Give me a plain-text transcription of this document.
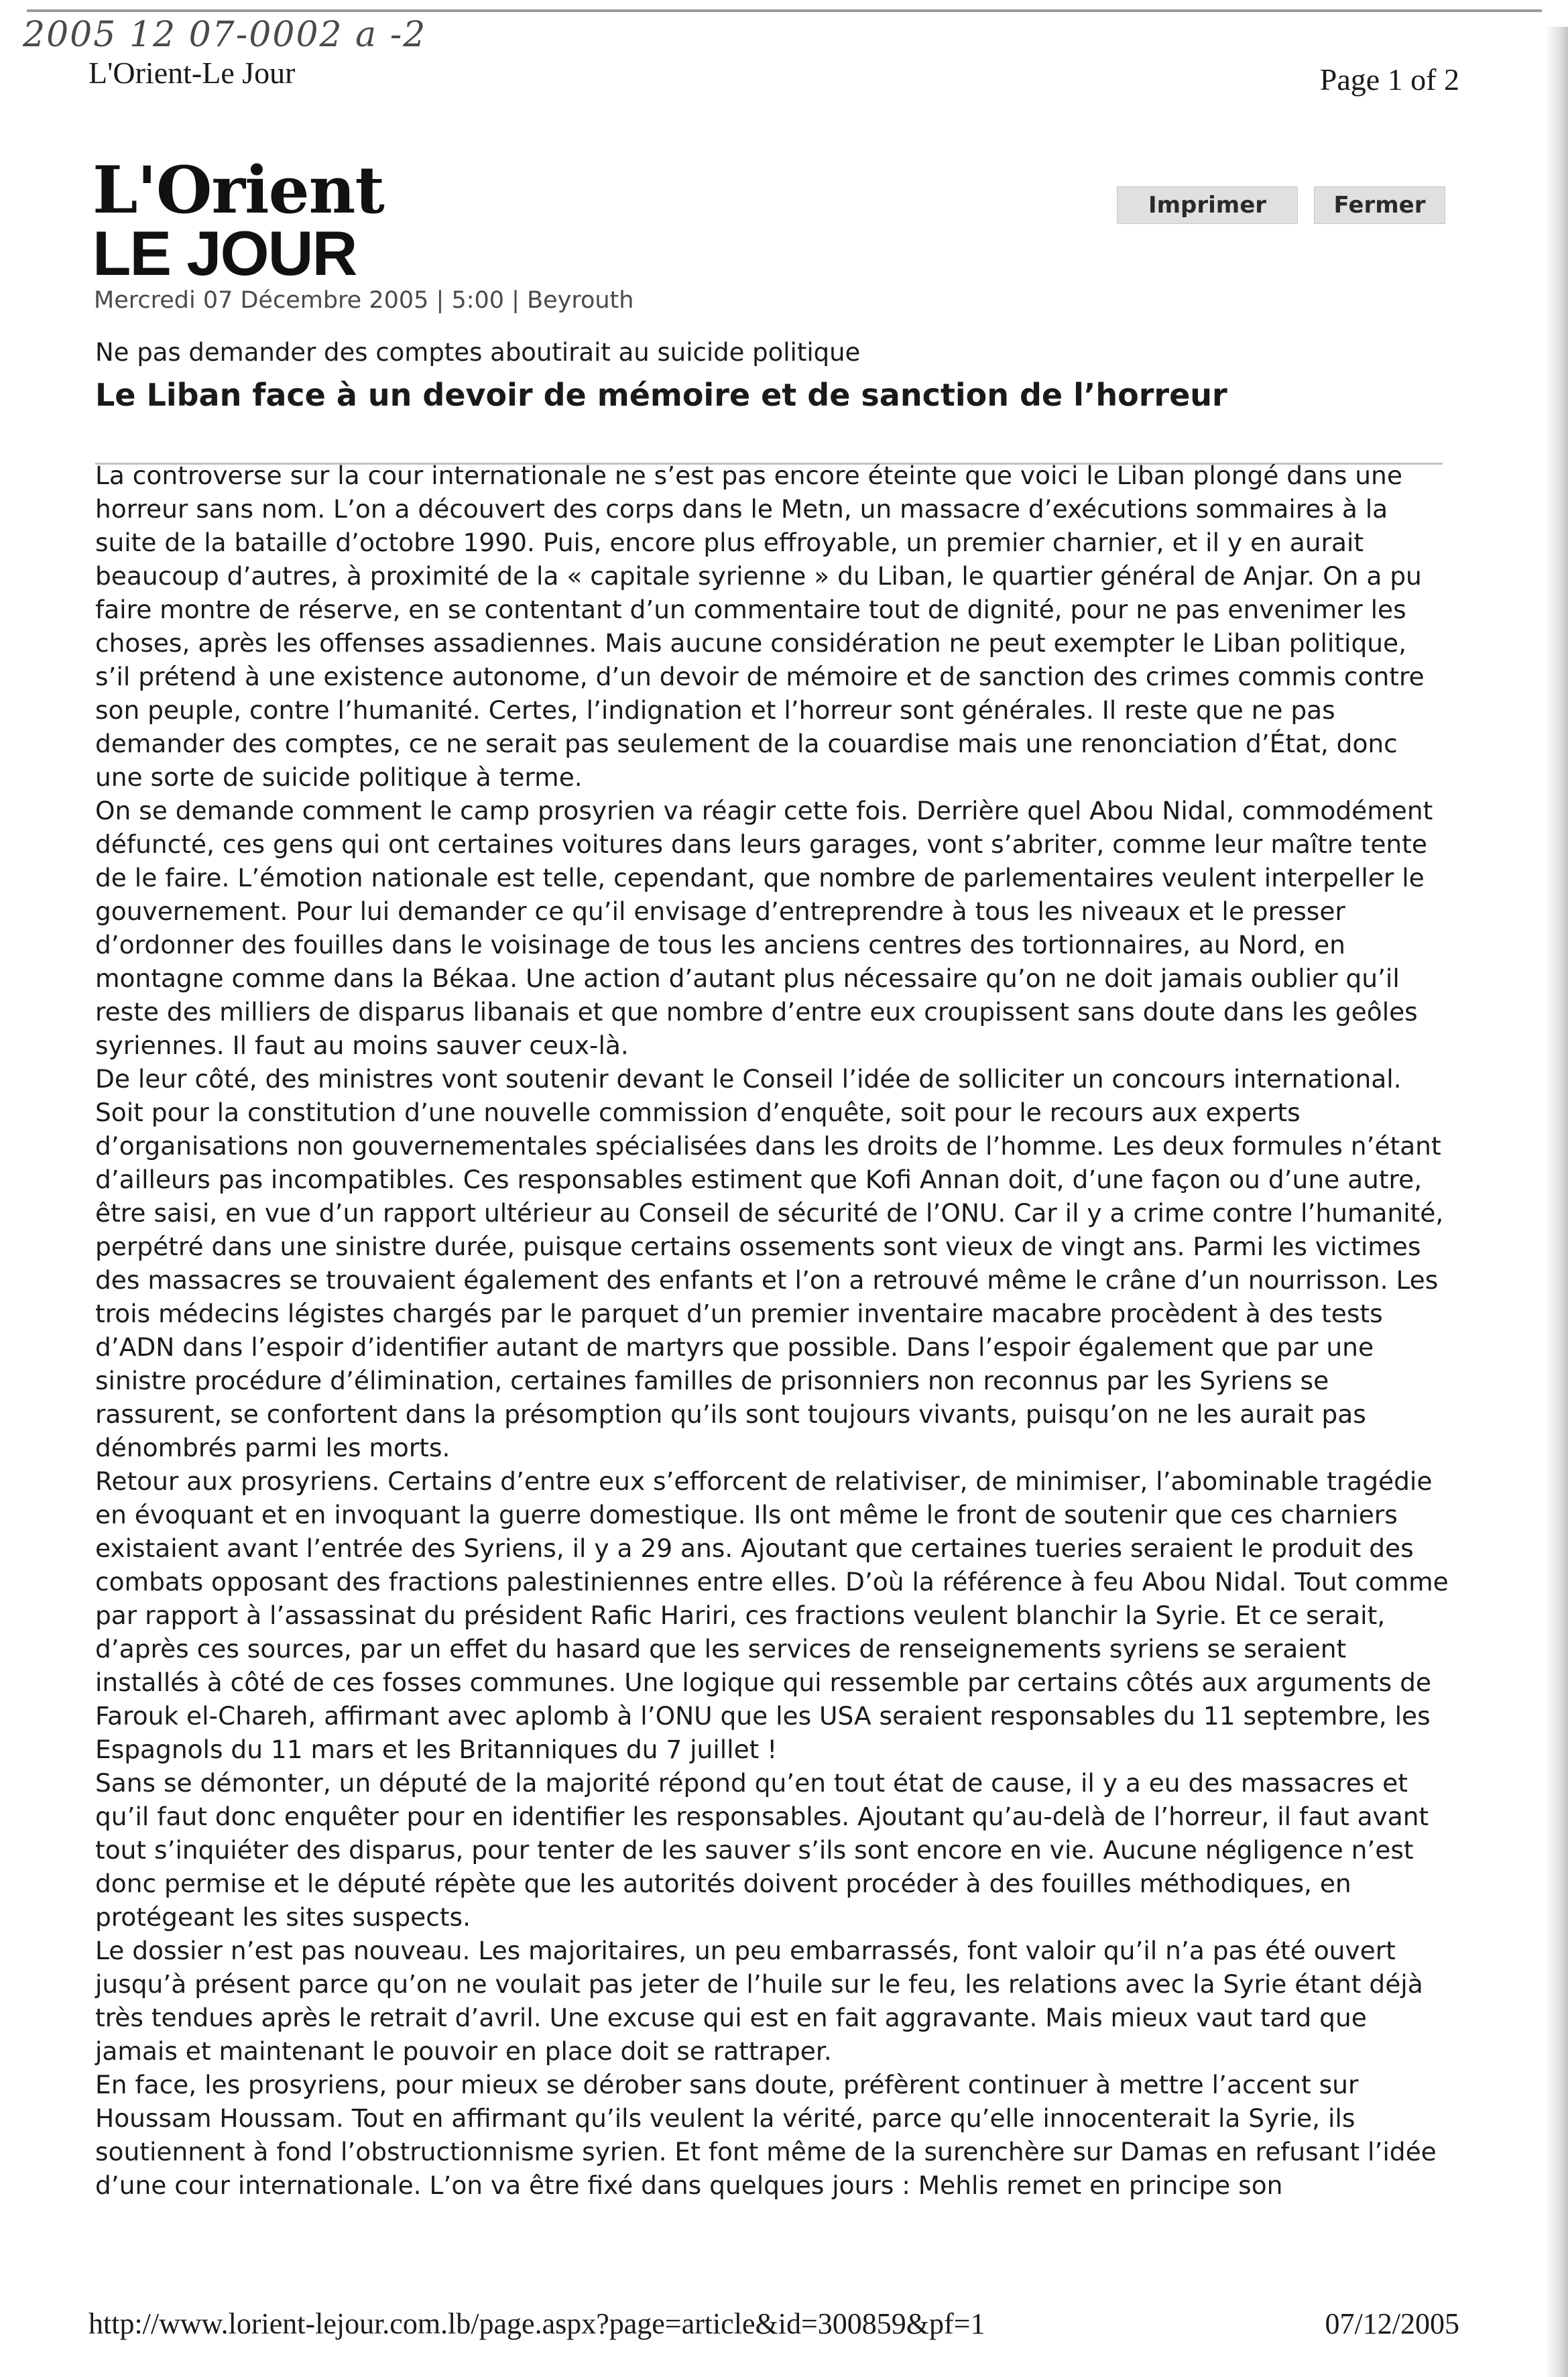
2005 12 07-0002 a -2
L'Orient-Le Jour	Page 1 of 2
L'Orient
LE JOUR
Imprimer	Fermer
Mercredi 07 Décembre 2005 | 5:00 | Beyrouth
Ne pas demander des comptes aboutirait au suicide politique
Le Liban face à un devoir de mémoire et de sanction de l’horreur

La controverse sur la cour internationale ne s’est pas encore éteinte que voici le Liban plongé dans une horreur sans nom. L’on a découvert des corps dans le Metn, un massacre d’exécutions sommaires à la suite de la bataille d’octobre 1990. Puis, encore plus effroyable, un premier charnier, et il y en aurait beaucoup d’autres, à proximité de la « capitale syrienne » du Liban, le quartier général de Anjar. On a pu faire montre de réserve, en se contentant d’un commentaire tout de dignité, pour ne pas envenimer les choses, après les offenses assadiennes. Mais aucune considération ne peut exempter le Liban politique, s’il prétend à une existence autonome, d’un devoir de mémoire et de sanction des crimes commis contre son peuple, contre l’humanité. Certes, l’indignation et l’horreur sont générales. Il reste que ne pas demander des comptes, ce ne serait pas seulement de la couardise mais une renonciation d’État, donc une sorte de suicide politique à terme.

On se demande comment le camp prosyrien va réagir cette fois. Derrière quel Abou Nidal, commodément défuncté, ces gens qui ont certaines voitures dans leurs garages, vont s’abriter, comme leur maître tente de le faire. L’émotion nationale est telle, cependant, que nombre de parlementaires veulent interpeller le gouvernement. Pour lui demander ce qu’il envisage d’entreprendre à tous les niveaux et le presser d’ordonner des fouilles dans le voisinage de tous les anciens centres des tortionnaires, au Nord, en montagne comme dans la Békaa. Une action d’autant plus nécessaire qu’on ne doit jamais oublier qu’il reste des milliers de disparus libanais et que nombre d’entre eux croupissent sans doute dans les geôles syriennes. Il faut au moins sauver ceux-là.

De leur côté, des ministres vont soutenir devant le Conseil l’idée de solliciter un concours international. Soit pour la constitution d’une nouvelle commission d’enquête, soit pour le recours aux experts d’organisations non gouvernementales spécialisées dans les droits de l’homme. Les deux formules n’étant d’ailleurs pas incompatibles. Ces responsables estiment que Kofi Annan doit, d’une façon ou d’une autre, être saisi, en vue d’un rapport ultérieur au Conseil de sécurité de l’ONU. Car il y a crime contre l’humanité, perpétré dans une sinistre durée, puisque certains ossements sont vieux de vingt ans. Parmi les victimes des massacres se trouvaient également des enfants et l’on a retrouvé même le crâne d’un nourrisson. Les trois médecins légistes chargés par le parquet d’un premier inventaire macabre procèdent à des tests d’ADN dans l’espoir d’identifier autant de martyrs que possible. Dans l’espoir également que par une sinistre procédure d’élimination, certaines familles de prisonniers non reconnus par les Syriens se rassurent, se confortent dans la présomption qu’ils sont toujours vivants, puisqu’on ne les aurait pas dénombrés parmi les morts.

Retour aux prosyriens. Certains d’entre eux s’efforcent de relativiser, de minimiser, l’abominable tragédie en évoquant et en invoquant la guerre domestique. Ils ont même le front de soutenir que ces charniers existaient avant l’entrée des Syriens, il y a 29 ans. Ajoutant que certaines tueries seraient le produit des combats opposant des fractions palestiniennes entre elles. D’où la référence à feu Abou Nidal. Tout comme par rapport à l’assassinat du président Rafic Hariri, ces fractions veulent blanchir la Syrie. Et ce serait, d’après ces sources, par un effet du hasard que les services de renseignements syriens se seraient installés à côté de ces fosses communes. Une logique qui ressemble par certains côtés aux arguments de Farouk el-Chareh, affirmant avec aplomb à l’ONU que les USA seraient responsables du 11 septembre, les Espagnols du 11 mars et les Britanniques du 7 juillet !

Sans se démonter, un député de la majorité répond qu’en tout état de cause, il y a eu des massacres et qu’il faut donc enquêter pour en identifier les responsables. Ajoutant qu’au-delà de l’horreur, il faut avant tout s’inquiéter des disparus, pour tenter de les sauver s’ils sont encore en vie. Aucune négligence n’est donc permise et le député répète que les autorités doivent procéder à des fouilles méthodiques, en protégeant les sites suspects.

Le dossier n’est pas nouveau. Les majoritaires, un peu embarrassés, font valoir qu’il n’a pas été ouvert jusqu’à présent parce qu’on ne voulait pas jeter de l’huile sur le feu, les relations avec la Syrie étant déjà très tendues après le retrait d’avril. Une excuse qui est en fait aggravante. Mais mieux vaut tard que jamais et maintenant le pouvoir en place doit se rattraper.

En face, les prosyriens, pour mieux se dérober sans doute, préfèrent continuer à mettre l’accent sur Houssam Houssam. Tout en affirmant qu’ils veulent la vérité, parce qu’elle innocenterait la Syrie, ils soutiennent à fond l’obstructionnisme syrien. Et font même de la surenchère sur Damas en refusant l’idée d’une cour internationale. L’on va être fixé dans quelques jours : Mehlis remet en principe son

http://www.lorient-lejour.com.lb/page.aspx?page=article&id=300859&pf=1	07/12/2005
